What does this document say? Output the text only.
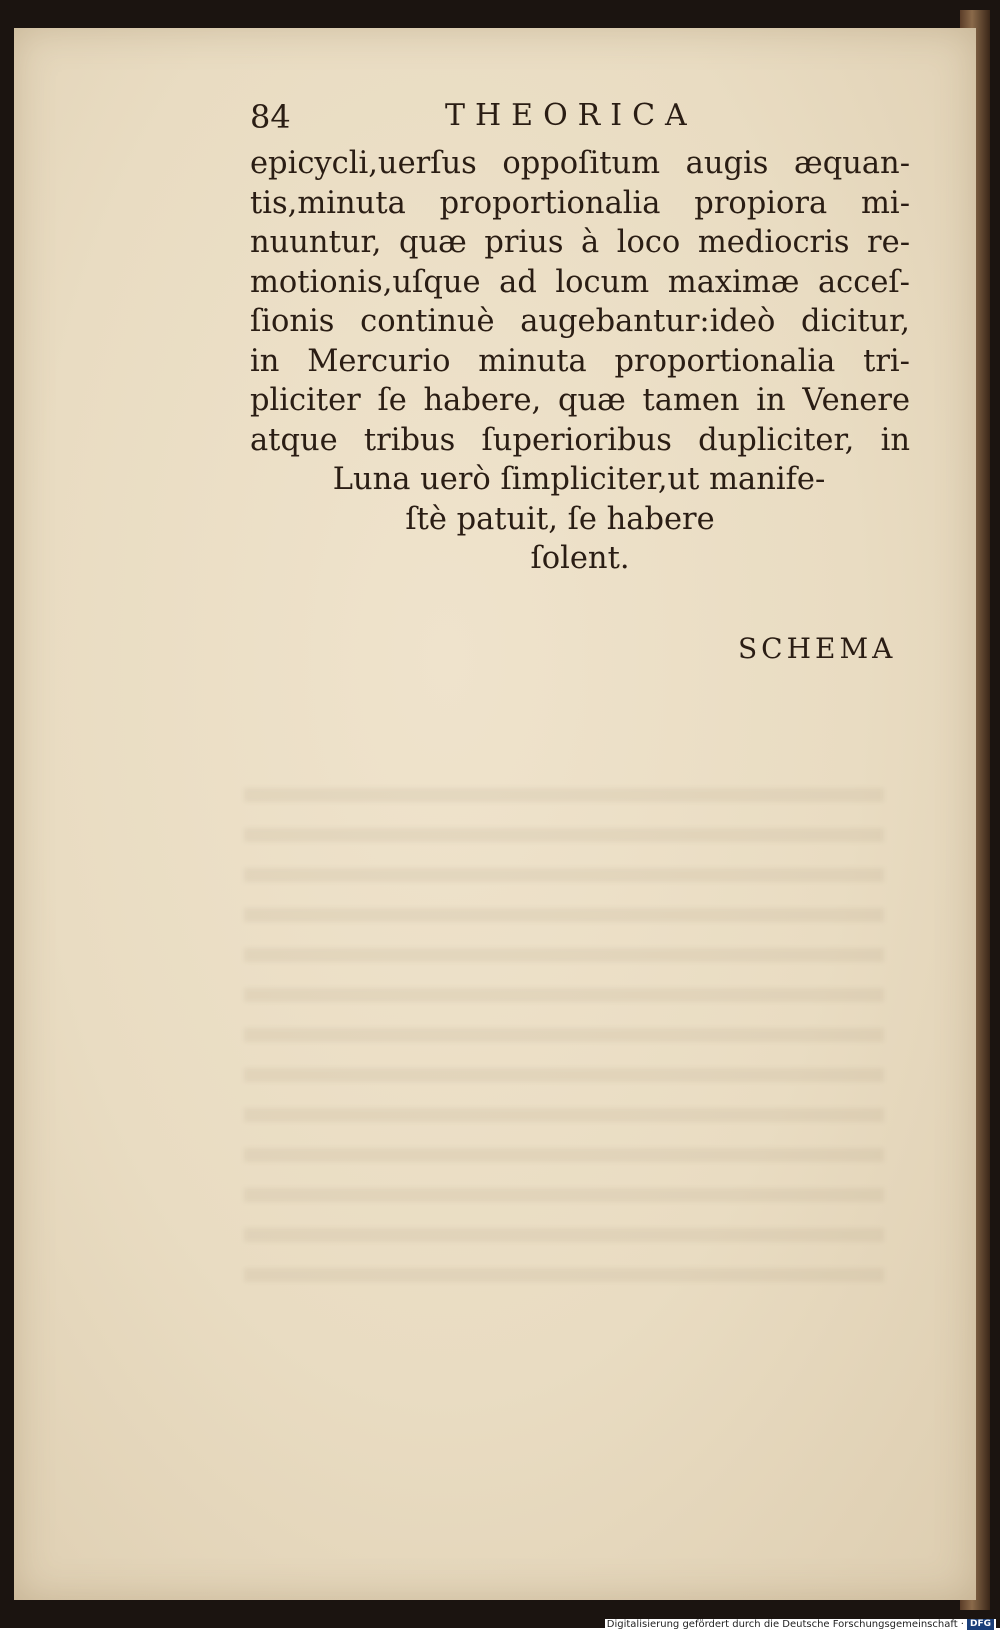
84	THEORICA
epicycli,uerſus oppoſitum augis æquan-
tis,minuta proportionalia propiora mi-
nuuntur, quæ prius à loco mediocris re-
motionis,uſque ad locum maximæ acceſ-
ſionis continuè augebantur:ideò dicitur,
in Mercurio minuta proportionalia tri-
pliciter ſe habere, quæ tamen in Venere
atque tribus ſuperioribus dupliciter, in
Luna uerò ſimpliciter,ut manife-
ſtè patuit, ſe habere
ſolent.
SCHEMA
Digitalisierung gefördert durch die Deutsche Forschungsgemeinschaft · DFG
